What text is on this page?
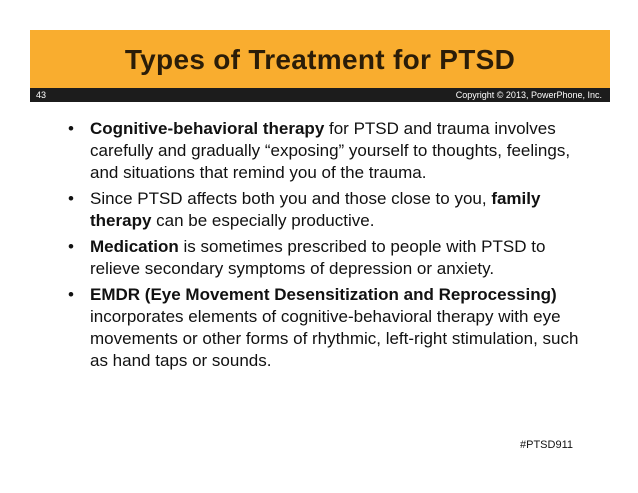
Types of Treatment for PTSD
43	Copyright © 2013, PowerPhone, Inc.
• Cognitive-behavioral therapy for PTSD and trauma involves carefully and gradually “exposing” yourself to thoughts, feelings, and situations that remind you of the trauma.
• Since PTSD affects both you and those close to you, family therapy can be especially productive.
• Medication is sometimes prescribed to people with PTSD to relieve secondary symptoms of depression or anxiety.
• EMDR (Eye Movement Desensitization and Reprocessing) incorporates elements of cognitive-behavioral therapy with eye movements or other forms of rhythmic, left-right stimulation, such as hand taps or sounds.
#PTSD911
